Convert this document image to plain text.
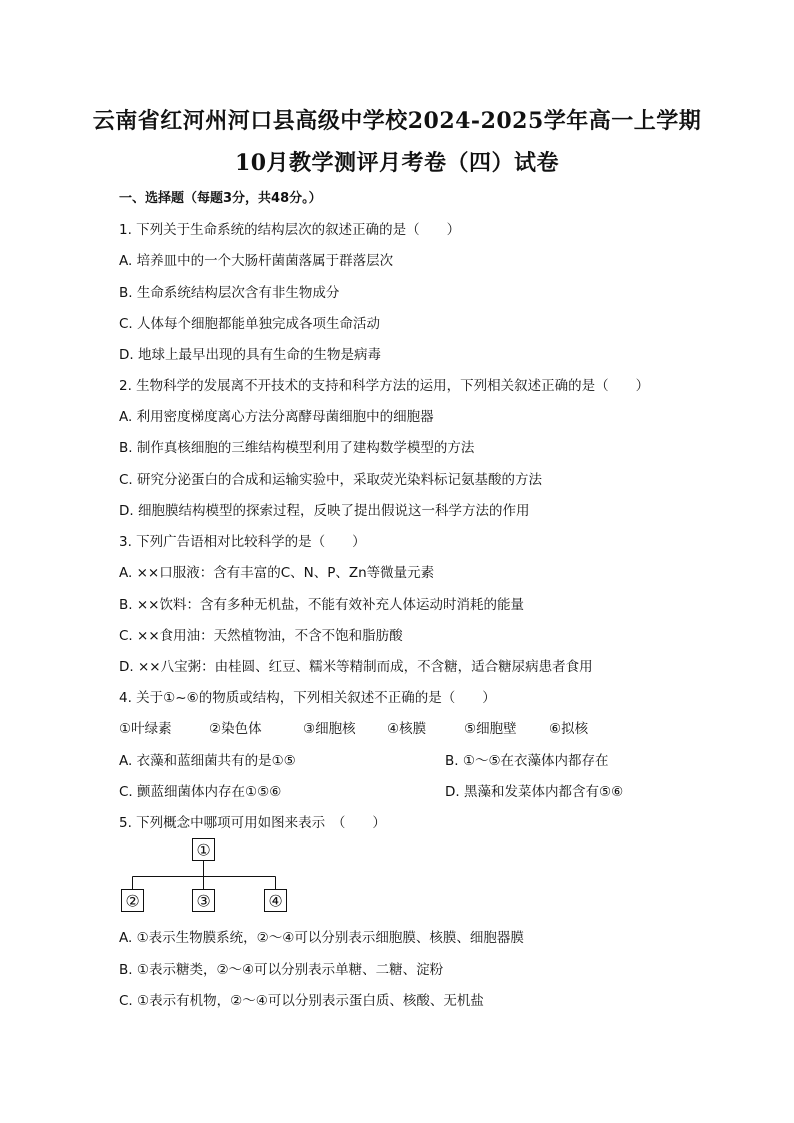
云南省红河州河口县高级中学校2024-2025学年高一上学期
10月教学测评月考卷（四）试卷
一、选择题（每题3分，共48分。）
1. 下列关于生命系统的结构层次的叙述正确的是（　　）
A. 培养皿中的一个大肠杆菌菌落属于群落层次
B. 生命系统结构层次含有非生物成分
C. 人体每个细胞都能单独完成各项生命活动
D. 地球上最早出现的具有生命的生物是病毒
2. 生物科学的发展离不开技术的支持和科学方法的运用，下列相关叙述正确的是（　　）
A. 利用密度梯度离心方法分离酵母菌细胞中的细胞器
B. 制作真核细胞的三维结构模型利用了建构数学模型的方法
C. 研究分泌蛋白的合成和运输实验中，采取荧光染料标记氨基酸的方法
D. 细胞膜结构模型的探索过程，反映了提出假说这一科学方法的作用
3. 下列广告语相对比较科学的是（　　）
A. ××口服液：含有丰富的C、N、P、Zn等微量元素
B. ××饮料：含有多种无机盐，不能有效补充人体运动时消耗的能量
C. ××食用油：天然植物油，不含不饱和脂肪酸
D. ××八宝粥：由桂圆、红豆、糯米等精制而成，不含糖，适合糖尿病患者食用
4. 关于①~⑥的物质或结构，下列相关叙述不正确的是（　　）
①叶绿素	②染色体	③细胞核	④核膜	⑤细胞壁	⑥拟核
A. 衣藻和蓝细菌共有的是①⑤	B. ①～⑤在衣藻体内都存在
C. 颤蓝细菌体内存在①⑤⑥	D. 黑藻和发菜体内都含有⑤⑥
5. 下列概念中哪项可用如图来表示　（　　）
①
②	③	④
A. ①表示生物膜系统，②～④可以分别表示细胞膜、核膜、细胞器膜
B. ①表示糖类，②～④可以分别表示单糖、二糖、淀粉
C. ①表示有机物，②～④可以分别表示蛋白质、核酸、无机盐
